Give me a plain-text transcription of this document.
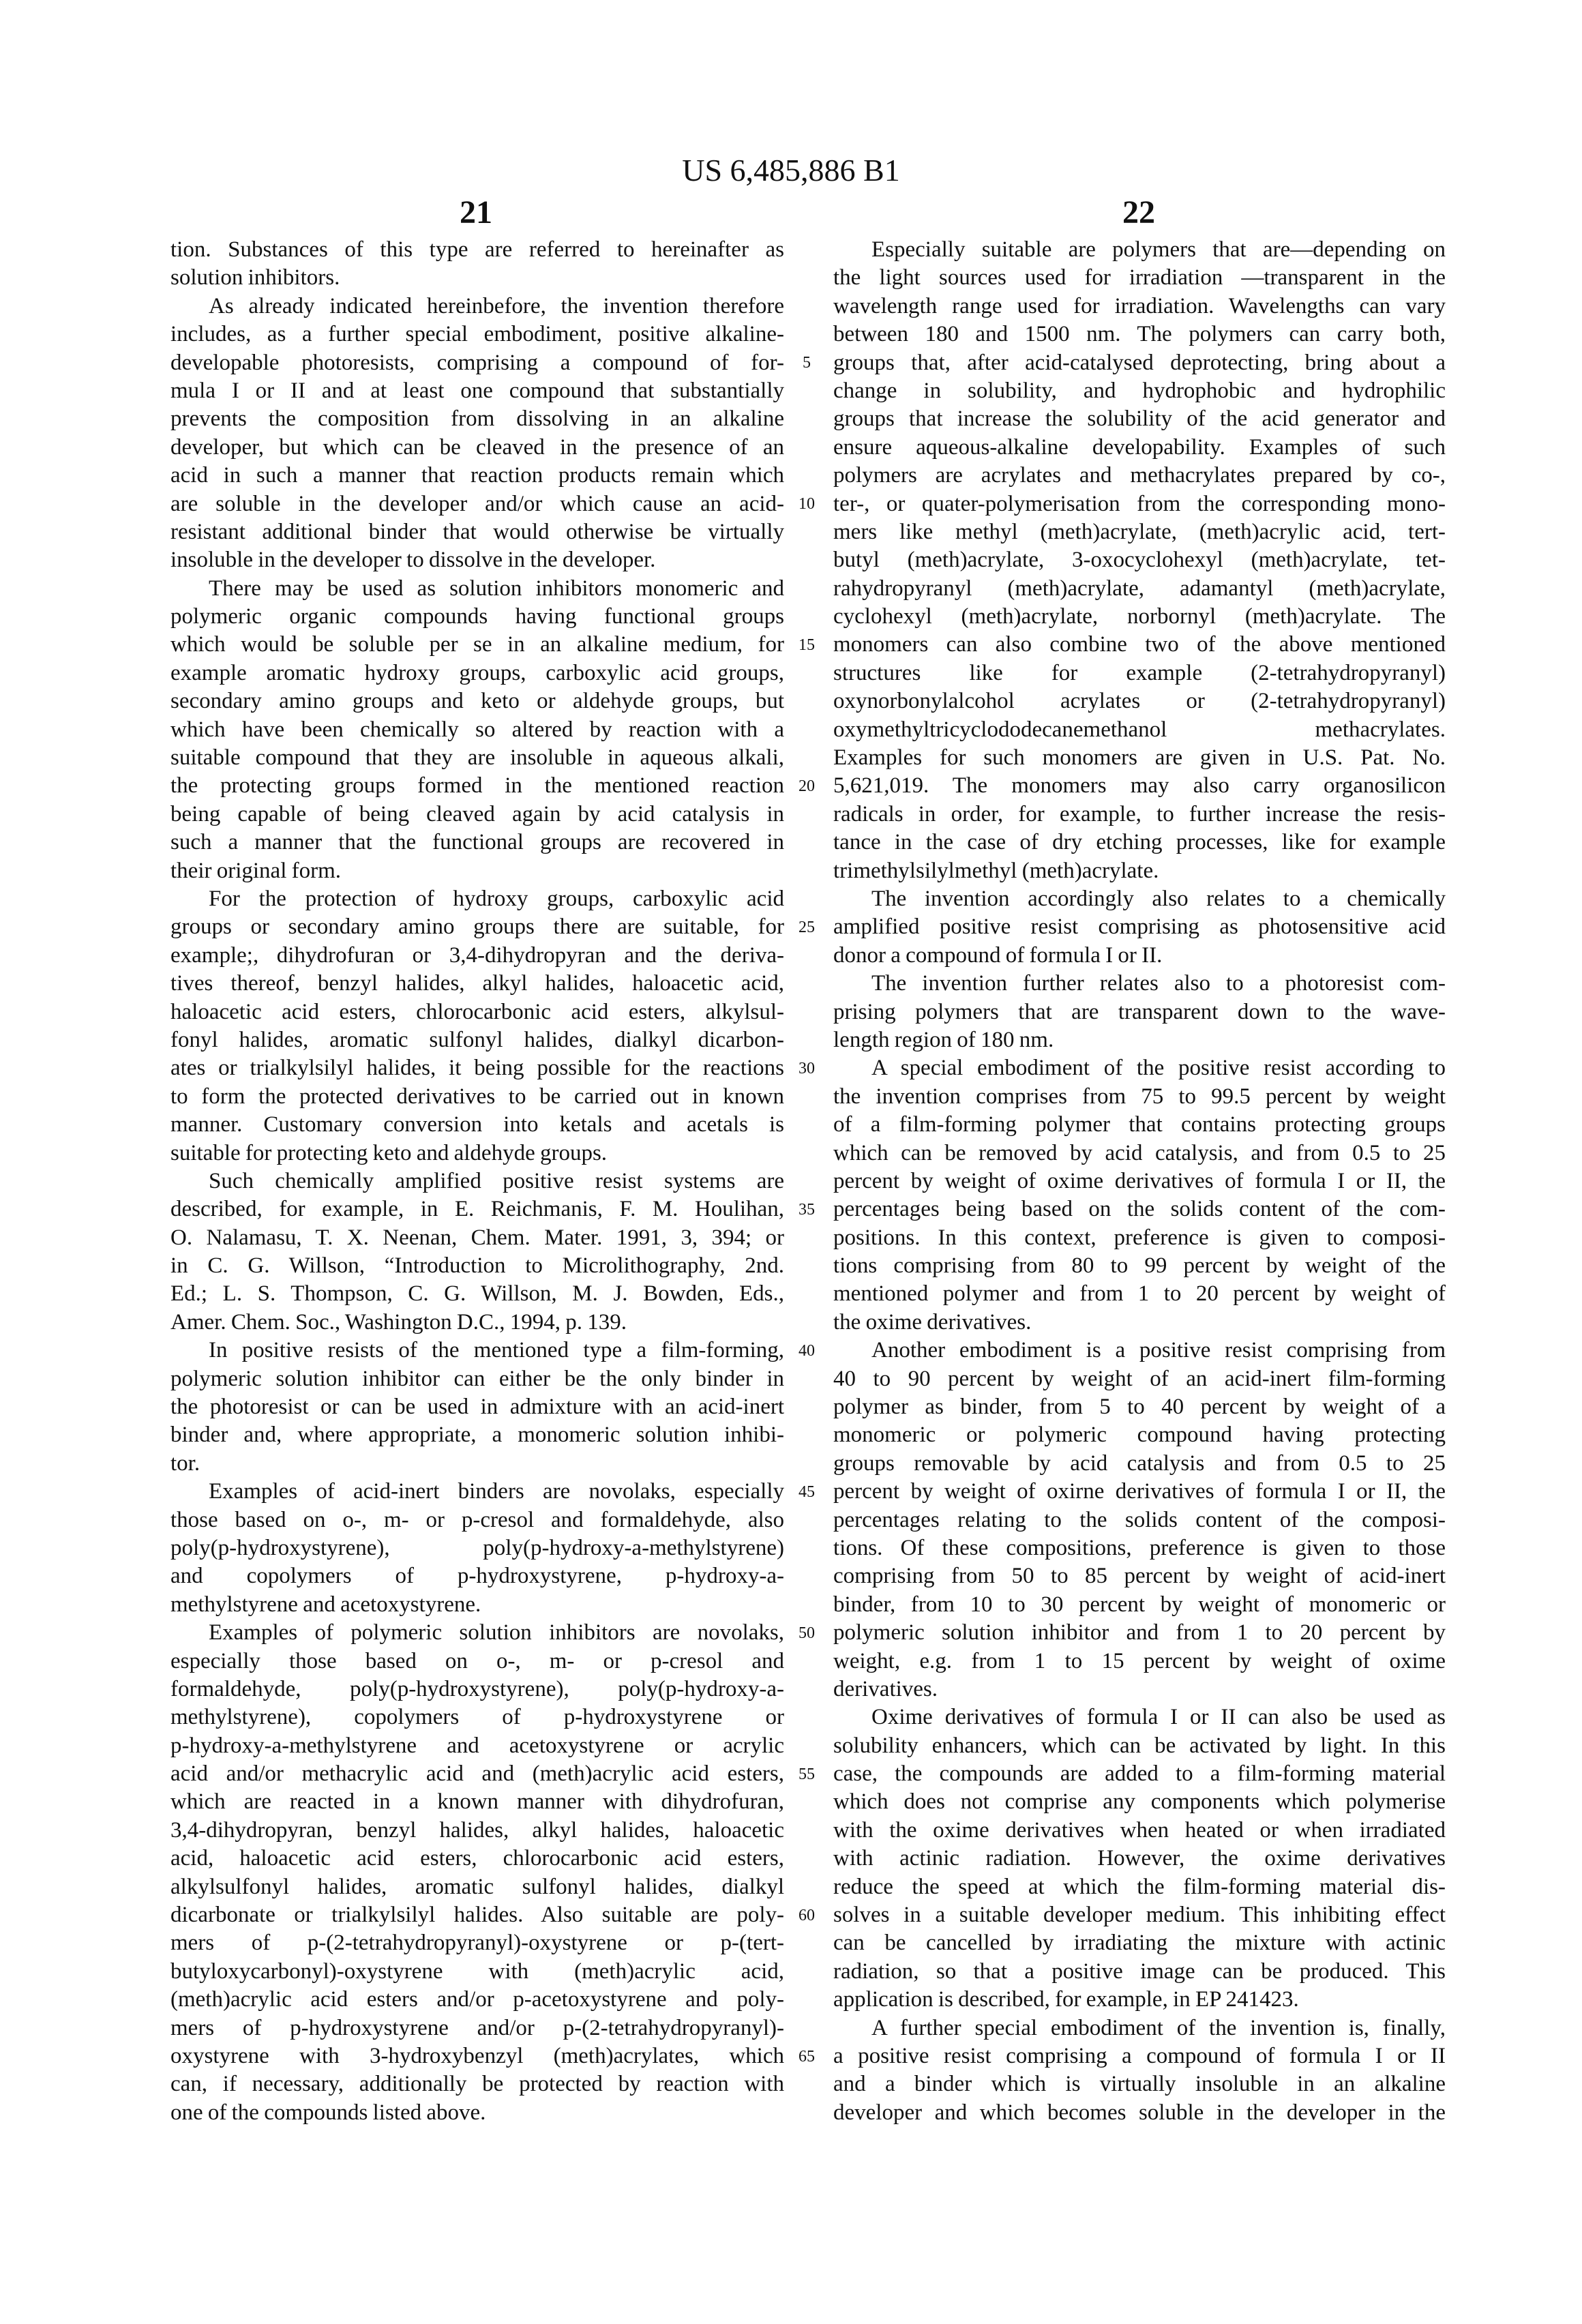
US 6,485,886 B1
21	22
tion. Substances of this type are referred to hereinafter as
solution inhibitors.
As already indicated hereinbefore, the invention therefore
includes, as a further special embodiment, positive alkaline-
developable photoresists, comprising a compound of for-
mula I or II and at least one compound that substantially
prevents the composition from dissolving in an alkaline
developer, but which can be cleaved in the presence of an
acid in such a manner that reaction products remain which
are soluble in the developer and/or which cause an acid-
resistant additional binder that would otherwise be virtually
insoluble in the developer to dissolve in the developer.
There may be used as solution inhibitors monomeric and
polymeric organic compounds having functional groups
which would be soluble per se in an alkaline medium, for
example aromatic hydroxy groups, carboxylic acid groups,
secondary amino groups and keto or aldehyde groups, but
which have been chemically so altered by reaction with a
suitable compound that they are insoluble in aqueous alkali,
the protecting groups formed in the mentioned reaction
being capable of being cleaved again by acid catalysis in
such a manner that the functional groups are recovered in
their original form.
For the protection of hydroxy groups, carboxylic acid
groups or secondary amino groups there are suitable, for
example;, dihydrofuran or 3,4-dihydropyran and the deriva-
tives thereof, benzyl halides, alkyl halides, haloacetic acid,
haloacetic acid esters, chlorocarbonic acid esters, alkylsul-
fonyl halides, aromatic sulfonyl halides, dialkyl dicarbon-
ates or trialkylsilyl halides, it being possible for the reactions
to form the protected derivatives to be carried out in known
manner. Customary conversion into ketals and acetals is
suitable for protecting keto and aldehyde groups.
Such chemically amplified positive resist systems are
described, for example, in E. Reichmanis, F. M. Houlihan,
O. Nalamasu, T. X. Neenan, Chem. Mater. 1991, 3, 394; or
in C. G. Willson, “Introduction to Microlithography, 2nd.
Ed.; L. S. Thompson, C. G. Willson, M. J. Bowden, Eds.,
Amer. Chem. Soc., Washington D.C., 1994, p. 139.
In positive resists of the mentioned type a film-forming,
polymeric solution inhibitor can either be the only binder in
the photoresist or can be used in admixture with an acid-inert
binder and, where appropriate, a monomeric solution inhibi-
tor.
Examples of acid-inert binders are novolaks, especially
those based on o-, m- or p-cresol and formaldehyde, also
poly(p-hydroxystyrene), poly(p-hydroxy-a-methylstyrene)
and copolymers of p-hydroxystyrene, p-hydroxy-a-
methylstyrene and acetoxystyrene.
Examples of polymeric solution inhibitors are novolaks,
especially those based on o-, m- or p-cresol and
formaldehyde, poly(p-hydroxystyrene), poly(p-hydroxy-a-
methylstyrene), copolymers of p-hydroxystyrene or
p-hydroxy-a-methylstyrene and acetoxystyrene or acrylic
acid and/or methacrylic acid and (meth)acrylic acid esters,
which are reacted in a known manner with dihydrofuran,
3,4-dihydropyran, benzyl halides, alkyl halides, haloacetic
acid, haloacetic acid esters, chlorocarbonic acid esters,
alkylsulfonyl halides, aromatic sulfonyl halides, dialkyl
dicarbonate or trialkylsilyl halides. Also suitable are poly-
mers of p-(2-tetrahydropyranyl)-oxystyrene or p-(tert-
butyloxycarbonyl)-oxystyrene with (meth)acrylic acid,
(meth)acrylic acid esters and/or p-acetoxystyrene and poly-
mers of p-hydroxystyrene and/or p-(2-tetrahydropyranyl)-
oxystyrene with 3-hydroxybenzyl (meth)acrylates, which
can, if necessary, additionally be protected by reaction with
one of the compounds listed above.
5
10
15
20
25
30
35
40
45
50
55
60
65
Especially suitable are polymers that are—depending on
the light sources used for irradiation —transparent in the
wavelength range used for irradiation. Wavelengths can vary
between 180 and 1500 nm. The polymers can carry both,
groups that, after acid-catalysed deprotecting, bring about a
change in solubility, and hydrophobic and hydrophilic
groups that increase the solubility of the acid generator and
ensure aqueous-alkaline developability. Examples of such
polymers are acrylates and methacrylates prepared by co-,
ter-, or quater-polymerisation from the corresponding mono-
mers like methyl (meth)acrylate, (meth)acrylic acid, tert-
butyl (meth)acrylate, 3-oxocyclohexyl (meth)acrylate, tet-
rahydropyranyl (meth)acrylate, adamantyl (meth)acrylate,
cyclohexyl (meth)acrylate, norbornyl (meth)acrylate. The
monomers can also combine two of the above mentioned
structures like for example (2-tetrahydropyranyl)
oxynorbonylalcohol acrylates or (2-tetrahydropyranyl)
oxymethyltricyclododecanemethanol methacrylates.
Examples for such monomers are given in U.S. Pat. No.
5,621,019. The monomers may also carry organosilicon
radicals in order, for example, to further increase the resis-
tance in the case of dry etching processes, like for example
trimethylsilylmethyl (meth)acrylate.
The invention accordingly also relates to a chemically
amplified positive resist comprising as photosensitive acid
donor a compound of formula I or II.
The invention further relates also to a photoresist com-
prising polymers that are transparent down to the wave-
length region of 180 nm.
A special embodiment of the positive resist according to
the invention comprises from 75 to 99.5 percent by weight
of a film-forming polymer that contains protecting groups
which can be removed by acid catalysis, and from 0.5 to 25
percent by weight of oxime derivatives of formula I or II, the
percentages being based on the solids content of the com-
positions. In this context, preference is given to composi-
tions comprising from 80 to 99 percent by weight of the
mentioned polymer and from 1 to 20 percent by weight of
the oxime derivatives.
Another embodiment is a positive resist comprising from
40 to 90 percent by weight of an acid-inert film-forming
polymer as binder, from 5 to 40 percent by weight of a
monomeric or polymeric compound having protecting
groups removable by acid catalysis and from 0.5 to 25
percent by weight of oxirne derivatives of formula I or II, the
percentages relating to the solids content of the composi-
tions. Of these compositions, preference is given to those
comprising from 50 to 85 percent by weight of acid-inert
binder, from 10 to 30 percent by weight of monomeric or
polymeric solution inhibitor and from 1 to 20 percent by
weight, e.g. from 1 to 15 percent by weight of oxime
derivatives.
Oxime derivatives of formula I or II can also be used as
solubility enhancers, which can be activated by light. In this
case, the compounds are added to a film-forming material
which does not comprise any components which polymerise
with the oxime derivatives when heated or when irradiated
with actinic radiation. However, the oxime derivatives
reduce the speed at which the film-forming material dis-
solves in a suitable developer medium. This inhibiting effect
can be cancelled by irradiating the mixture with actinic
radiation, so that a positive image can be produced. This
application is described, for example, in EP 241423.
A further special embodiment of the invention is, finally,
a positive resist comprising a compound of formula I or II
and a binder which is virtually insoluble in an alkaline
developer and which becomes soluble in the developer in the
